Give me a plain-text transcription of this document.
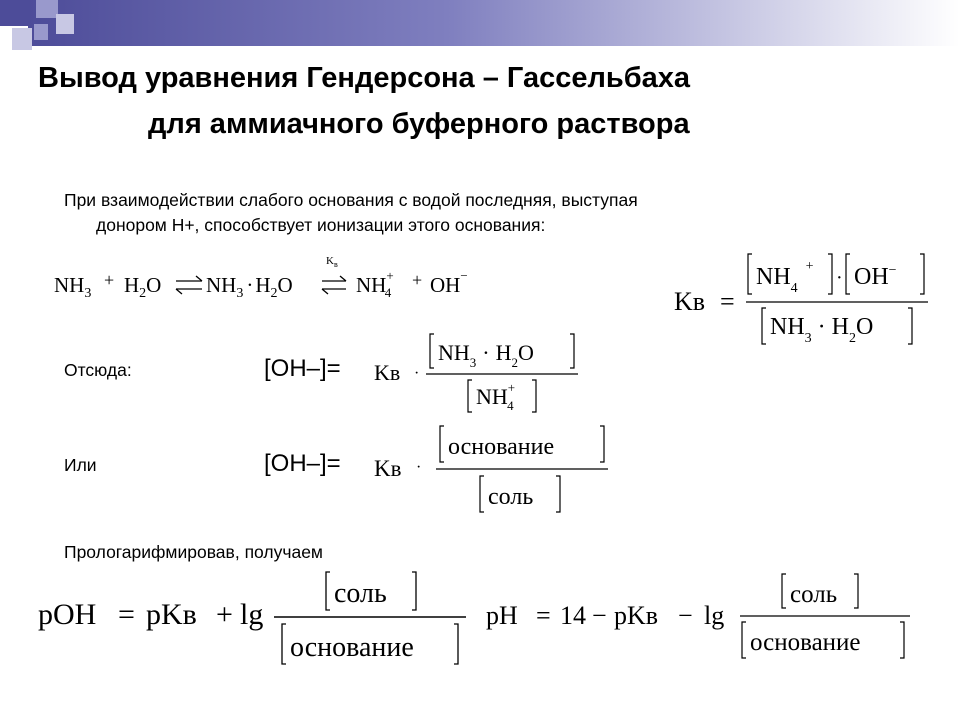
Вывод уравнения Гендерсона – Гассельбаха
для аммиачного буферного раствора
При взаимодействии слабого основания с водой последняя, выступая
донором Н+, способствует ионизации этого основания:
$NH_3$
+ $H_2O$ $NH_3 \cdot H_2O$
$K_в$
NH+ 4
+ OH−
Kв =
$NH_4^+$
· OH−
$NH_3 \cdot H_2O$
Отсюда:	[OH–]= Kв ·
$NH_3 \cdot H_2O$
NH+ 4
Или	[OH–]= Kв ·
основание
соль
Прологарифмировав, получаем
pOH = pKв + lg
соль
основание
pH = 14 − pKв − lg
соль
основание
